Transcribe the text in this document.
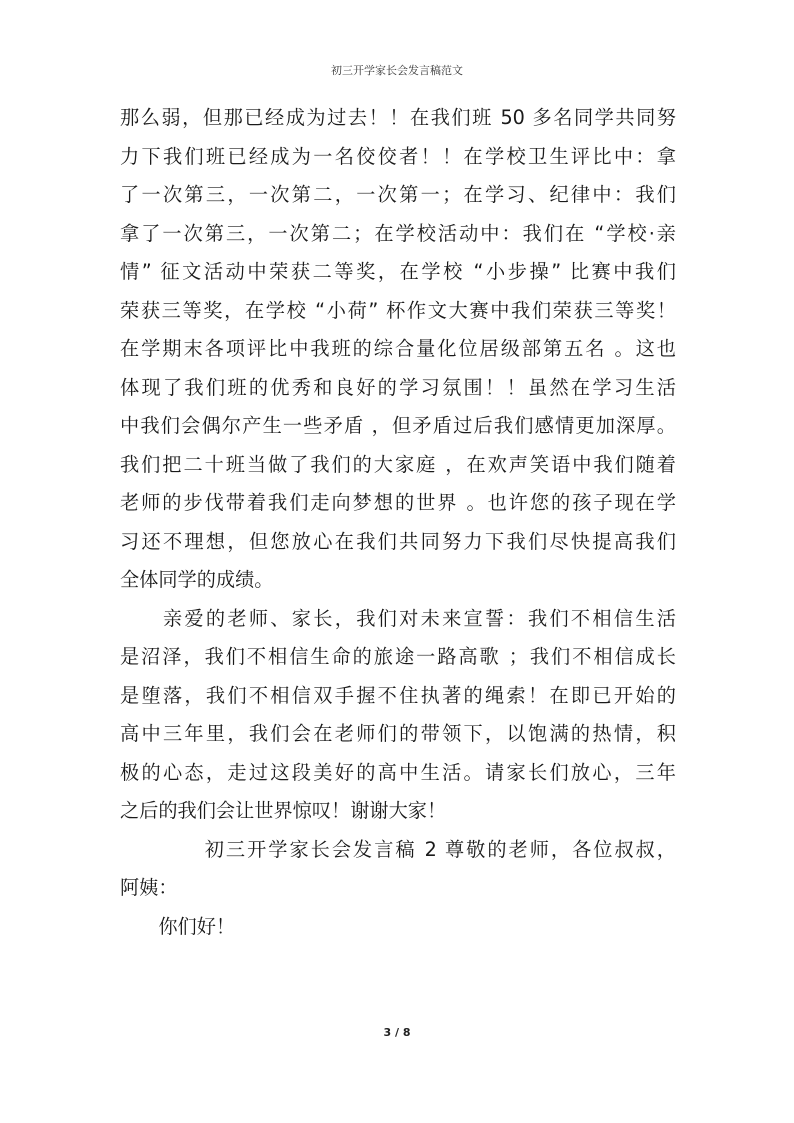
初三开学家长会发言稿范文
那么弱，但那已经成为过去！！在我们班 50 多名同学共同努
力下我们班已经成为一名佼佼者！！在学校卫生评比中：拿
了一次第三，一次第二，一次第一；在学习、纪律中：我们
拿了一次第三，一次第二；在学校活动中：我们在 “学校·亲
情” 征文活动中荣获二等奖，在学校 “小步操” 比赛中我们
荣获三等奖，在学校 “小荷” 杯作文大赛中我们荣获三等奖！
在学期末各项评比中我班的综合量化位居级部第五名 。这也
体现了我们班的优秀和良好的学习氛围！！虽然在学习生活
中我们会偶尔产生一些矛盾 ，但矛盾过后我们感情更加深厚。
我们把二十班当做了我们的大家庭 ，在欢声笑语中我们随着
老师的步伐带着我们走向梦想的世界 。也许您的孩子现在学
习还不理想，但您放心在我们共同努力下我们尽快提高我们
全体同学的成绩。
　　亲爱的老师、家长，我们对未来宣誓：我们不相信生活
是沼泽，我们不相信生命的旅途一路高歌 ；我们不相信成长
是堕落，我们不相信双手握不住执著的绳索！在即已开始的
高中三年里，我们会在老师们的带领下，以饱满的热情，积
极的心态，走过这段美好的高中生活。请家长们放心，三年
之后的我们会让世界惊叹！谢谢大家！
　　　　初三开学家长会发言稿 2 尊敬的老师，各位叔叔，
阿姨：
　　你们好！
3 / 8
